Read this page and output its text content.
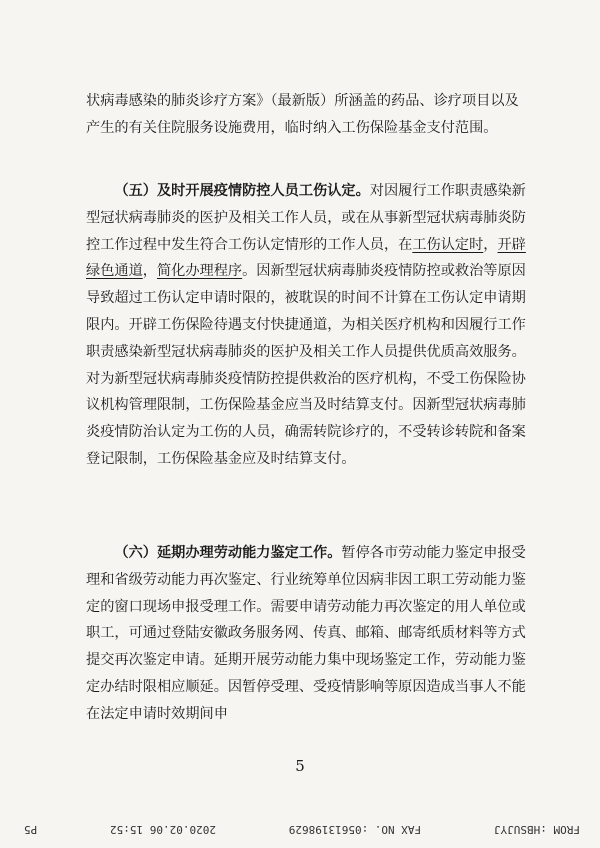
状病毒感染的肺炎诊疗方案》（最新版）所涵盖的药品、诊疗项目以及产生的有关住院服务设施费用，临时纳入工伤保险基金支付范围。

（五）及时开展疫情防控人员工伤认定。对因履行工作职责感染新型冠状病毒肺炎的医护及相关工作人员，或在从事新型冠状病毒肺炎防控工作过程中发生符合工伤认定情形的工作人员，在工伤认定时，开辟绿色通道，简化办理程序。因新型冠状病毒肺炎疫情防控或救治等原因导致超过工伤认定申请时限的，被耽误的时间不计算在工伤认定申请期限内。开辟工伤保险待遇支付快捷通道，为相关医疗机构和因履行工作职责感染新型冠状病毒肺炎的医护及相关工作人员提供优质高效服务。对为新型冠状病毒肺炎疫情防控提供救治的医疗机构，不受工伤保险协议机构管理限制，工伤保险基金应当及时结算支付。因新型冠状病毒肺炎疫情防治认定为工伤的人员，确需转院诊疗的，不受转诊转院和备案登记限制，工伤保险基金应及时结算支付。

（六）延期办理劳动能力鉴定工作。暂停各市劳动能力鉴定申报受理和省级劳动能力再次鉴定、行业统筹单位因病非因工职工劳动能力鉴定的窗口现场申报受理工作。需要申请劳动能力再次鉴定的用人单位或职工，可通过登陆安徽政务服务网、传真、邮箱、邮寄纸质材料等方式提交再次鉴定申请。延期开展劳动能力集中现场鉴定工作，劳动能力鉴定办结时限相应顺延。因暂停受理、受疫情影响等原因造成当事人不能在法定申请时效期间申

5
FROM :HBSUJYJ
FAX NO. :05613198629
2020.02.06 15:52
P5
